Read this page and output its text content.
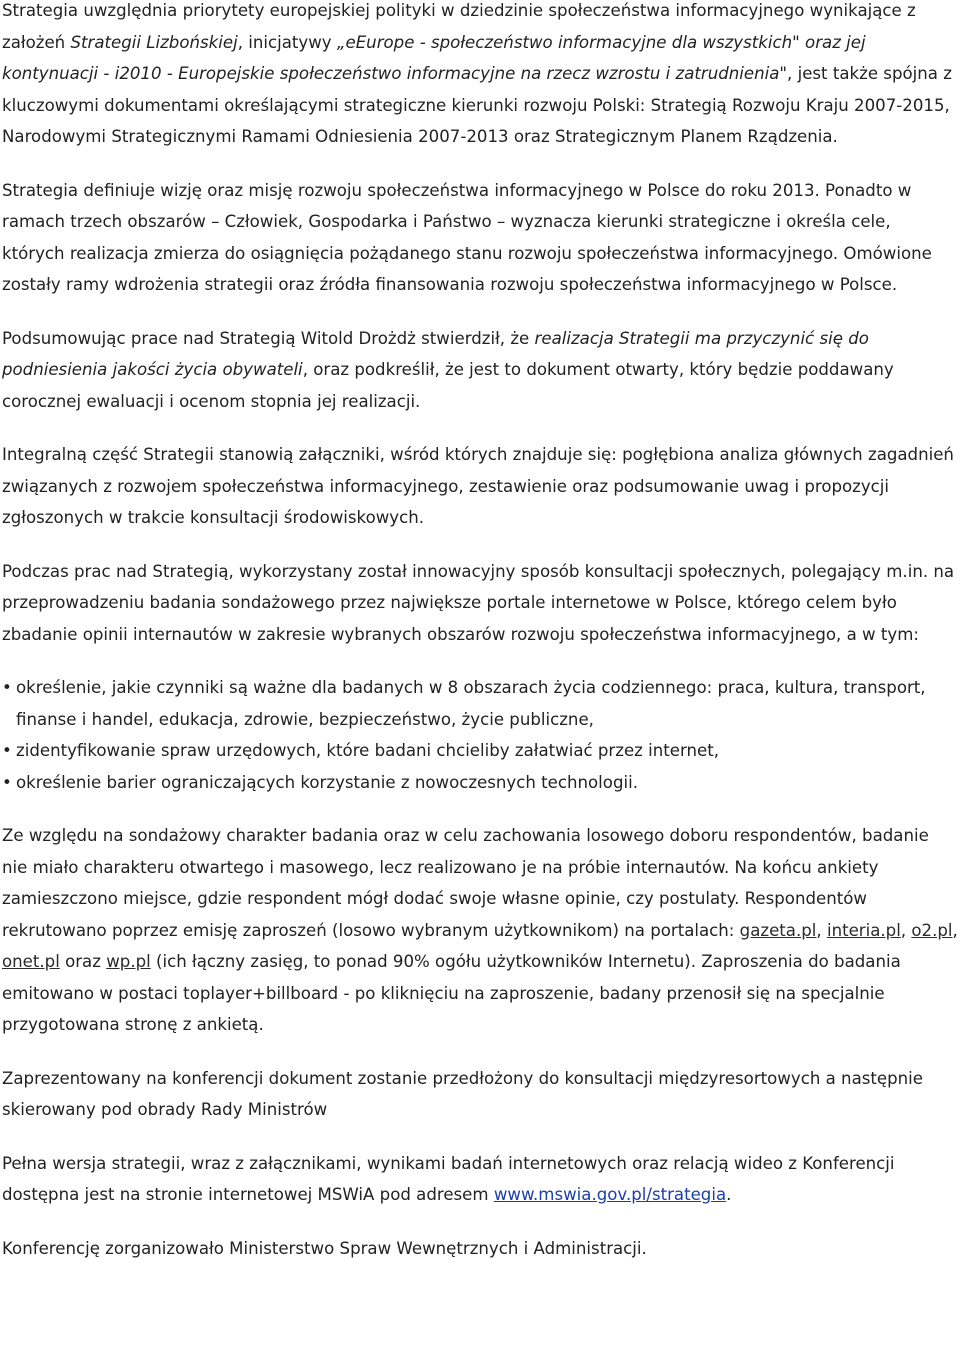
Strategia uwzględnia priorytety europejskiej polityki w dziedzinie społeczeństwa informacyjnego wynikające z założeń Strategii Lizbońskiej, inicjatywy „eEurope - społeczeństwo informacyjne dla wszystkich" oraz jej kontynuacji - i2010 - Europejskie społeczeństwo informacyjne na rzecz wzrostu i zatrudnienia", jest także spójna z kluczowymi dokumentami określającymi strategiczne kierunki rozwoju Polski: Strategią Rozwoju Kraju 2007-2015, Narodowymi Strategicznymi Ramami Odniesienia 2007-2013 oraz Strategicznym Planem Rządzenia.

Strategia definiuje wizję oraz misję rozwoju społeczeństwa informacyjnego w Polsce do roku 2013. Ponadto w ramach trzech obszarów – Człowiek, Gospodarka i Państwo – wyznacza kierunki strategiczne i określa cele, których realizacja zmierza do osiągnięcia pożądanego stanu rozwoju społeczeństwa informacyjnego. Omówione zostały ramy wdrożenia strategii oraz źródła finansowania rozwoju społeczeństwa informacyjnego w Polsce.

Podsumowując prace nad Strategią Witold Drożdż stwierdził, że realizacja Strategii ma przyczynić się do podniesienia jakości życia obywateli, oraz podkreślił, że jest to dokument otwarty, który będzie poddawany corocznej ewaluacji i ocenom stopnia jej realizacji.

Integralną część Strategii stanowią załączniki, wśród których znajduje się: pogłębiona analiza głównych zagadnień związanych z rozwojem społeczeństwa informacyjnego, zestawienie oraz podsumowanie uwag i propozycji zgłoszonych w trakcie konsultacji środowiskowych.

Podczas prac nad Strategią, wykorzystany został innowacyjny sposób konsultacji społecznych, polegający m.in. na przeprowadzeniu badania sondażowego przez największe portale internetowe w Polsce, którego celem było zbadanie opinii internautów w zakresie wybranych obszarów rozwoju społeczeństwa informacyjnego, a w tym:

• określenie, jakie czynniki są ważne dla badanych w 8 obszarach życia codziennego: praca, kultura, transport, finanse i handel, edukacja, zdrowie, bezpieczeństwo, życie publiczne,
• zidentyfikowanie spraw urzędowych, które badani chcieliby załatwiać przez internet,
• określenie barier ograniczających korzystanie z nowoczesnych technologii.

Ze względu na sondażowy charakter badania oraz w celu zachowania losowego doboru respondentów, badanie nie miało charakteru otwartego i masowego, lecz realizowano je na próbie internautów. Na końcu ankiety zamieszczono miejsce, gdzie respondent mógł dodać swoje własne opinie, czy postulaty. Respondentów rekrutowano poprzez emisję zaproszeń (losowo wybranym użytkownikom) na portalach: gazeta.pl, interia.pl, o2.pl, onet.pl oraz wp.pl (ich łączny zasięg, to ponad 90% ogółu użytkowników Internetu). Zaproszenia do badania emitowano w postaci toplayer+billboard - po kliknięciu na zaproszenie, badany przenosił się na specjalnie przygotowana stronę z ankietą.

Zaprezentowany na konferencji dokument zostanie przedłożony do konsultacji międzyresortowych a następnie skierowany pod obrady Rady Ministrów

Pełna wersja strategii, wraz z załącznikami, wynikami badań internetowych oraz relacją wideo z Konferencji dostępna jest na stronie internetowej MSWiA pod adresem www.mswia.gov.pl/strategia.

Konferencję zorganizowało Ministerstwo Spraw Wewnętrznych i Administracji.
